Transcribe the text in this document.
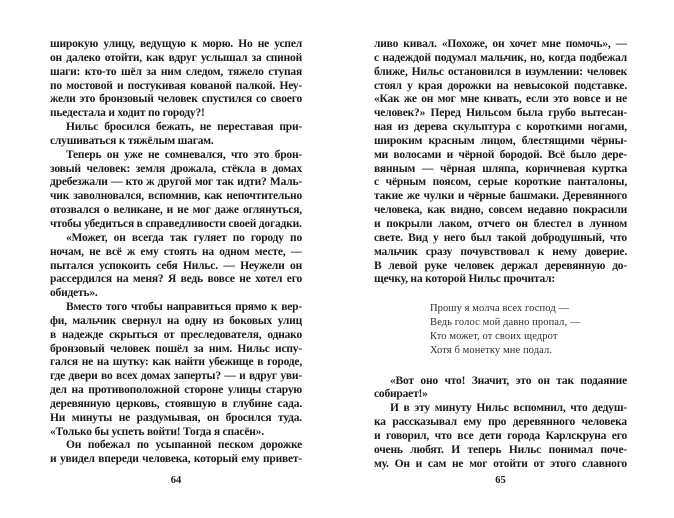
широкую улицу, ведущую к морю. Но не успел
он далеко отойти, как вдруг услышал за спиной
шаги: кто-то шёл за ним следом, тяжело ступая
по мостовой и постукивая кованой палкой. Неу-
жели это бронзовый человек спустился со своего
пьедестала и ходит по городу?!
Нильс бросился бежать, не переставая при-
слушиваться к тяжёлым шагам.
Теперь он уже не сомневался, что это брон-
зовый человек: земля дрожала, стёкла в домах
дребезжали — кто ж другой мог так идти? Маль-
чик заволновался, вспомнив, как непочтительно
отозвался о великане, и не мог даже оглянуться,
чтобы убедиться в справедливости своей догадки.
«Может, он всегда так гуляет по городу по
ночам, не всё ж ему стоять на одном месте, —
пытался успокоить себя Нильс. — Неужели он
рассердился на меня? Я ведь вовсе не хотел его
обидеть».
Вместо того чтобы направиться прямо к вер-
фи, мальчик свернул на одну из боковых улиц
в надежде скрыться от преследователя, однако
бронзовый человек пошёл за ним. Нильс испу-
гался не на шутку: как найти убежище в городе,
где двери во всех домах заперты? — и вдруг уви-
дел на противоположной стороне улицы старую
деревянную церковь, стоявшую в глубине сада.
Ни минуты не раздумывая, он бросился туда.
«Только бы успеть войти! Тогда я спасён».
Он побежал по усыпанной песком дорожке
и увидел впереди человека, который ему привет-
64
ливо кивал. «Похоже, он хочет мне помочь», —
с надеждой подумал мальчик, но, когда подбежал
ближе, Нильс остановился в изумлении: человек
стоял у края дорожки на невысокой подставке.
«Как же он мог мне кивать, если это вовсе и не
человек?» Перед Нильсом была грубо вытесан-
ная из дерева скульптура с короткими ногами,
широким красным лицом, блестящими чёрны-
ми волосами и чёрной бородой. Всё было дере-
вянным — чёрная шляпа, коричневая куртка
с чёрным поясом, серые короткие панталоны,
такие же чулки и чёрные башмаки. Деревянного
человека, как видно, совсем недавно покрасили
и покрыли лаком, отчего он блестел в лунном
свете. Вид у него был такой добродушный, что
мальчик сразу почувствовал к нему доверие.
В левой руке человек держал деревянную до-
щечку, на которой Нильс прочитал:
Прошу я молча всех господ —
Ведь голос мой давно пропал, —
Кто может, от своих щедрот
Хотя б монетку мне подал.
«Вот оно что! Значит, это он так подаяние
собирает!»
И в эту минуту Нильс вспомнил, что дедуш-
ка рассказывал ему про деревянного человека
и говорил, что все дети города Карлскруна его
очень любят. И теперь Нильс понимал поче-
му. Он и сам не мог отойти от этого славного
65
